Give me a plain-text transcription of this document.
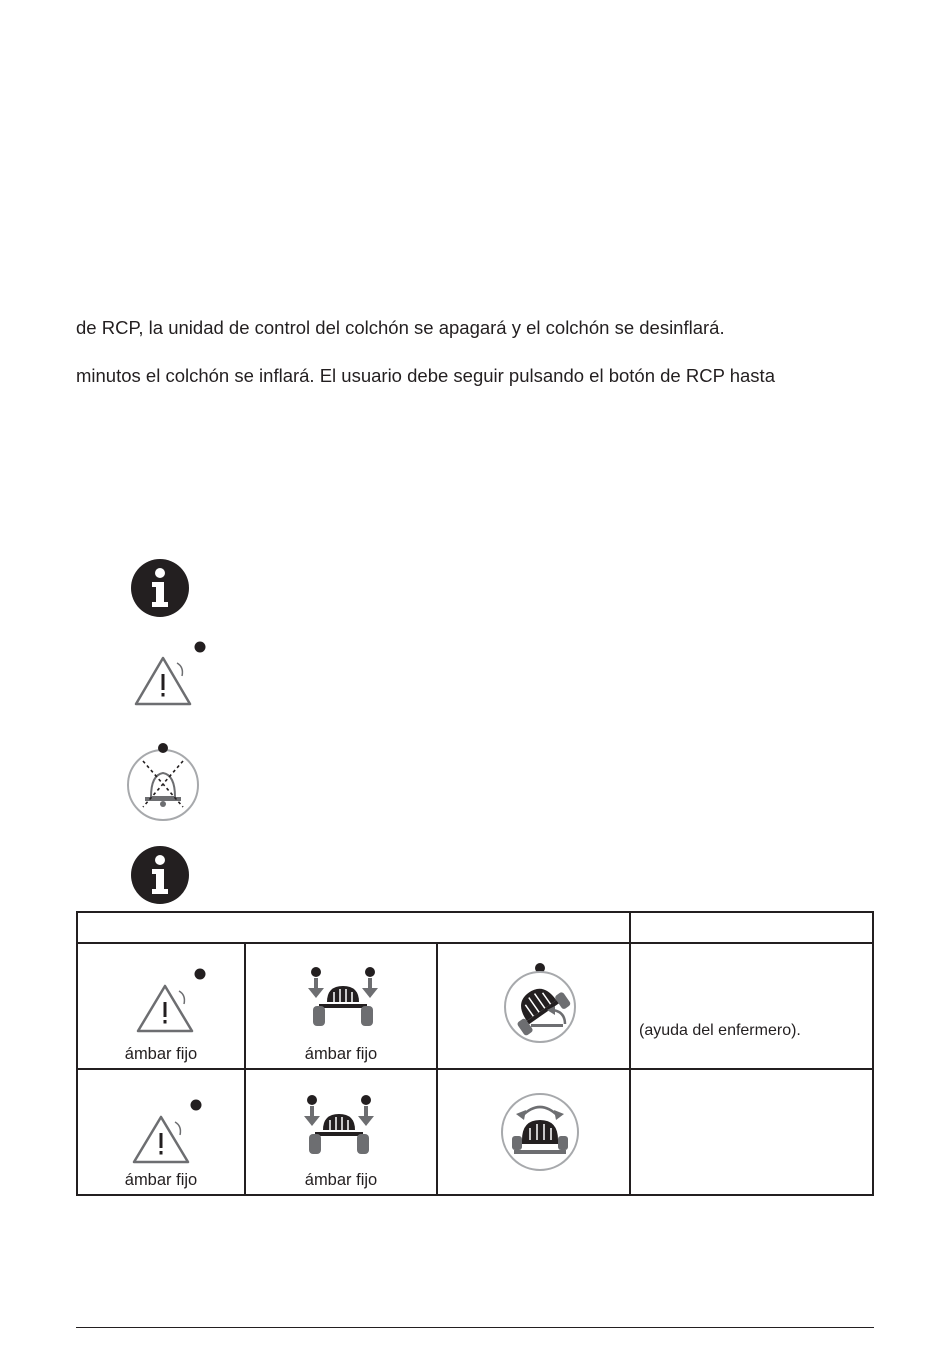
de RCP, la unidad de control del colchón se apagará y el colchón se desinflará.
minutos el colchón se inflará. El usuario debe seguir pulsando el botón de RCP hasta
ámbar fijo	ámbar fijo
(ayuda del enfermero).
ámbar fijo	ámbar fijo
